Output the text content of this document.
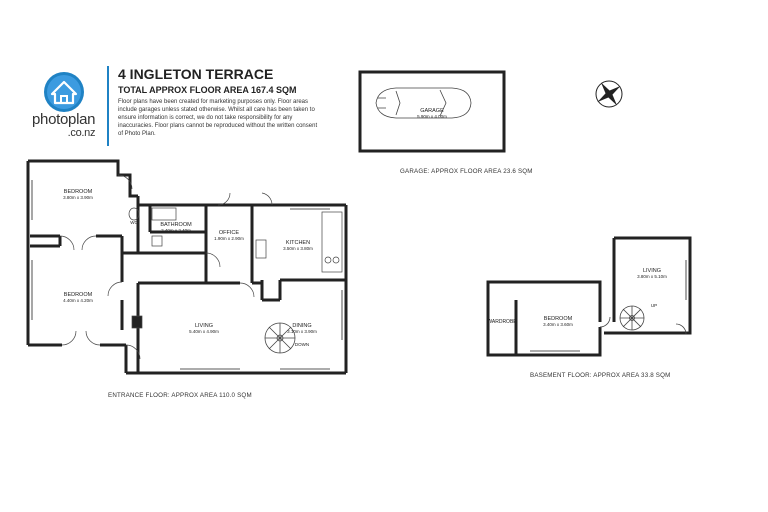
photoplan
.co.nz
4 INGLETON TERRACE
TOTAL APPROX FLOOR AREA 167.4 SQM
Floor plans have been created for marketing purposes only. Floor areas include garages unless stated otherwise. Whilst all care has been taken to ensure information is correct, we do not take responsibility for any inaccuracies. Floor plans cannot be reproduced without the written consent of Photo Plan.
GARAGE
5.90m x 4.00m
BEDROOM
3.80m x 3.90m
BEDROOM
4.40m x 4.20m
BATHROOM
2.40m x 2.40m	OFFICE
1.90m x 2.90m
KITCHEN
3.50m x 3.80m
LIVING
5.40m x 4.90m
DINING
3.10m x 3.90m
WC
DOWN
LIVING
3.80m x 5.10m
BEDROOM
3.40m x 3.60m
WARDROBE
UP
GARAGE: APPROX FLOOR AREA 23.6 SQM
ENTRANCE FLOOR: APPROX AREA 110.0 SQM
BASEMENT FLOOR: APPROX AREA 33.8 SQM
